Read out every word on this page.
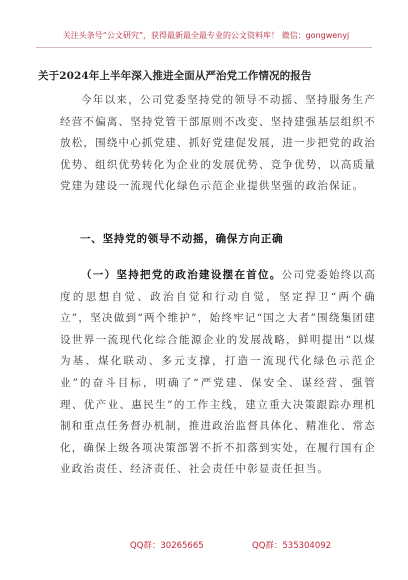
关注头条号“公文研究”，获得最新最全最专业的公文资料库！ 微信：gongwenyj
关于2024年上半年深入推进全面从严治党工作情况的报告
今年以来，公司党委坚持党的领导不动摇、坚持服务生产经营不偏离、坚持党管干部原则不改变、坚持建强基层组织不放松，围绕中心抓党建、抓好党建促发展，进一步把党的政治优势、组织优势转化为企业的发展优势、竞争优势，以高质量党建为建设一流现代化绿色示范企业提供坚强的政治保证。
一、坚持党的领导不动摇，确保方向正确
（一）坚持把党的政治建设摆在首位。公司党委始终以高度的思想自觉、政治自觉和行动自觉，坚定捍卫“两个确立”，坚决做到“两个维护”，始终牢记“国之大者”围绕集团建设世界一流现代化综合能源企业的发展战略，鲜明提出“以煤为基、煤化联动、多元支撑，打造一流现代化绿色示范企业”的奋斗目标，明确了“严党建、保安全、谋经营、强管理、优产业、惠民生”的工作主线，建立重大决策跟踪办理机制和重点任务督办机制，推进政治监督具体化、精准化、常态化，确保上级各项决策部署不折不扣落到实处，在履行国有企业政治责任、经济责任、社会责任中彰显责任担当。
QQ群：30265665	QQ群：535304092
